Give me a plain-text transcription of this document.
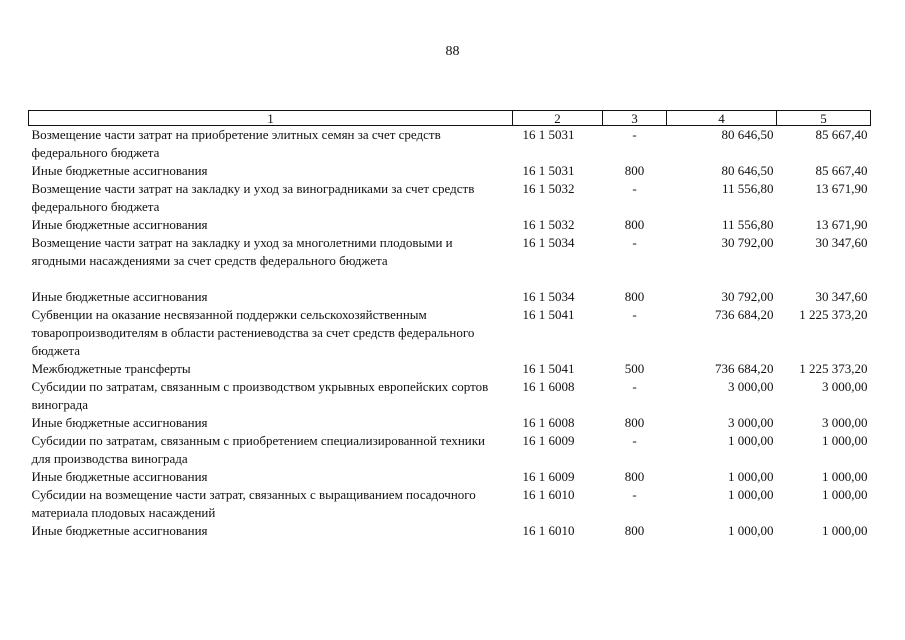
88
1	2	3	4	5
Возмещение части затрат на приобретение элитных семян за счет средств федерального бюджета	16 1 5031	-	80 646,50	85 667,40
Иные бюджетные ассигнования	16 1 5031	800	80 646,50	85 667,40
Возмещение части затрат на закладку и уход за виноградниками за счет средств федерального бюджета	16 1 5032	-	11 556,80	13 671,90
Иные бюджетные ассигнования	16 1 5032	800	11 556,80	13 671,90
Возмещение части затрат на закладку и уход за многолетними плодовыми и ягодными насаждениями за счет средств федерального бюджета	16 1 5034	-	30 792,00	30 347,60
Иные бюджетные ассигнования	16 1 5034	800	30 792,00	30 347,60
Субвенции на оказание несвязанной поддержки сельскохозяйственным товаропроизводителям в области растениеводства за счет средств федерального бюджета	16 1 5041	-	736 684,20	1 225 373,20
Межбюджетные трансферты	16 1 5041	500	736 684,20	1 225 373,20
Субсидии по затратам, связанным с производством укрывных европейских сортов винограда	16 1 6008	-	3 000,00	3 000,00
Иные бюджетные ассигнования	16 1 6008	800	3 000,00	3 000,00
Субсидии по затратам, связанным с приобретением специализированной техники для производства винограда	16 1 6009	-	1 000,00	1 000,00
Иные бюджетные ассигнования	16 1 6009	800	1 000,00	1 000,00
Субсидии на возмещение части затрат, связанных с выращиванием посадочного материала плодовых насаждений	16 1 6010	-	1 000,00	1 000,00
Иные бюджетные ассигнования	16 1 6010	800	1 000,00	1 000,00
